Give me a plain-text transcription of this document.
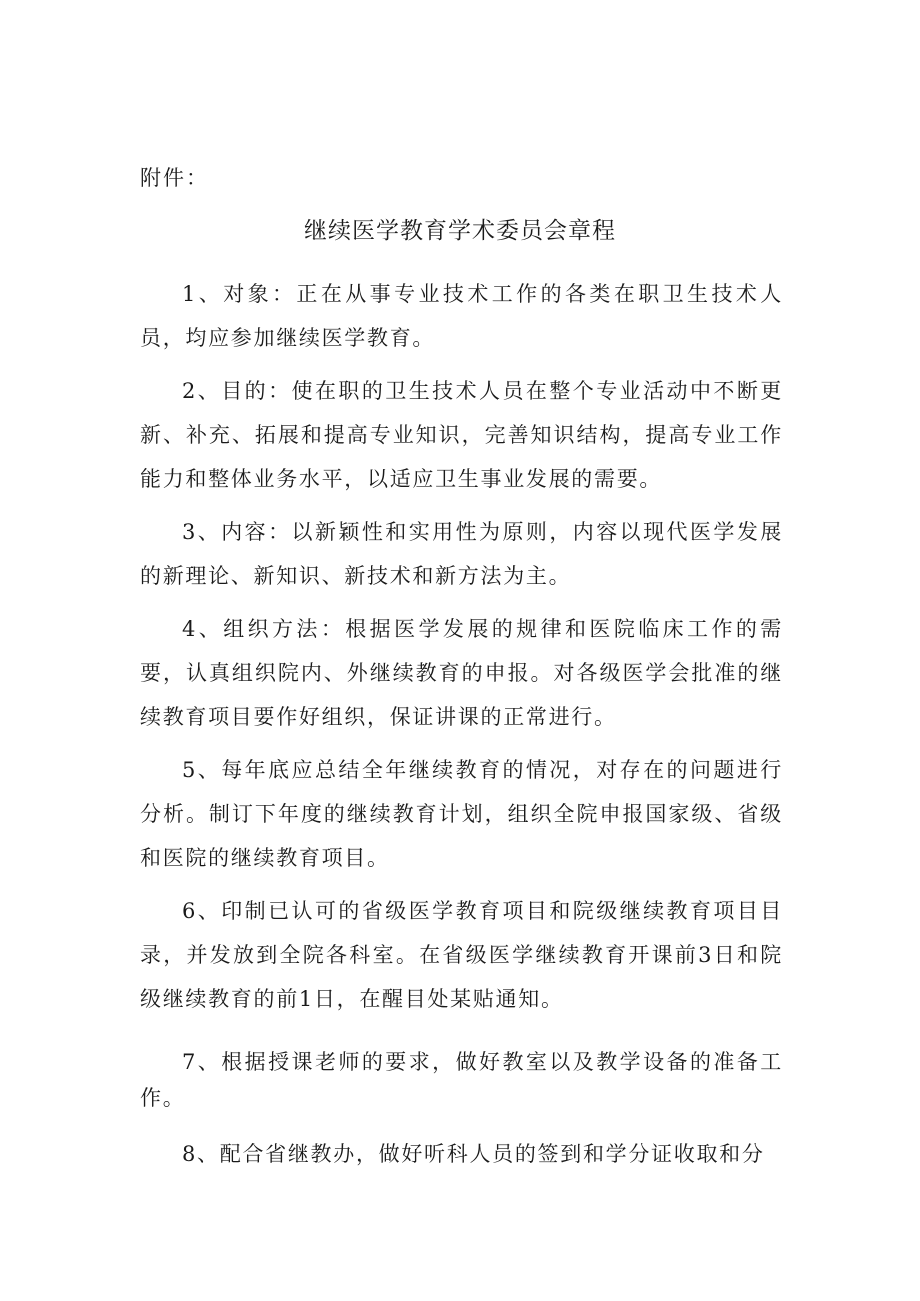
附件：

继续医学教育学术委员会章程

1、对象：正在从事专业技术工作的各类在职卫生技术人员，均应参加继续医学教育。

2、目的：使在职的卫生技术人员在整个专业活动中不断更新、补充、拓展和提高专业知识，完善知识结构，提高专业工作能力和整体业务水平，以适应卫生事业发展的需要。

3、内容：以新颖性和实用性为原则，内容以现代医学发展的新理论、新知识、新技术和新方法为主。

4、组织方法：根据医学发展的规律和医院临床工作的需要，认真组织院内、外继续教育的申报。对各级医学会批准的继续教育项目要作好组织，保证讲课的正常进行。

5、每年底应总结全年继续教育的情况，对存在的问题进行分析。制订下年度的继续教育计划，组织全院申报国家级、省级和医院的继续教育项目。

6、印制已认可的省级医学教育项目和院级继续教育项目目录，并发放到全院各科室。在省级医学继续教育开课前3日和院级继续教育的前1日，在醒目处某贴通知。

7、根据授课老师的要求，做好教室以及教学设备的准备工作。

8、配合省继教办，做好听科人员的签到和学分证收取和分
